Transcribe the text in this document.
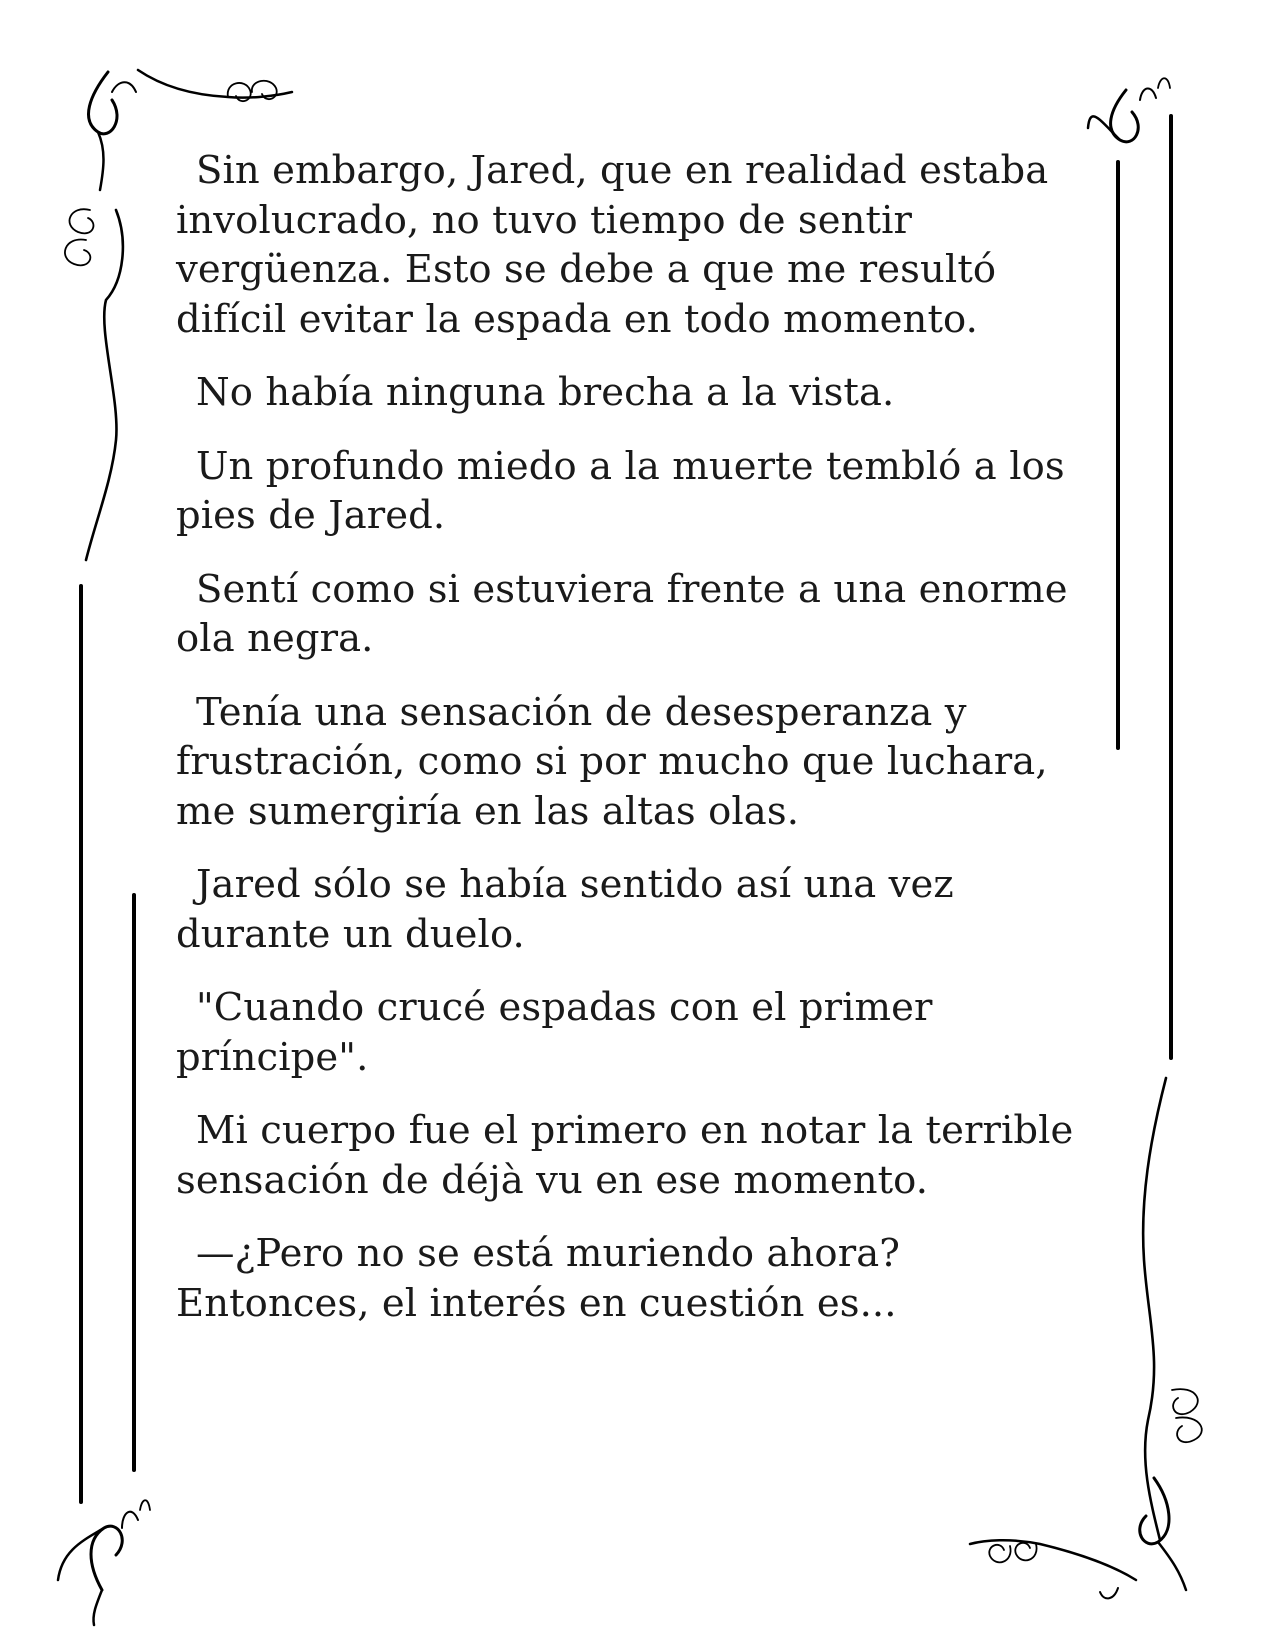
Sin embargo, Jared, que en realidad estaba
involucrado, no tuvo tiempo de sentir
vergüenza. Esto se debe a que me resultó
difícil evitar la espada en todo momento.

No había ninguna brecha a la vista.

Un profundo miedo a la muerte tembló a los
pies de Jared.

Sentí como si estuviera frente a una enorme
ola negra.

Tenía una sensación de desesperanza y
frustración, como si por mucho que luchara,
me sumergiría en las altas olas.

Jared sólo se había sentido así una vez
durante un duelo.

"Cuando crucé espadas con el primer
príncipe".

Mi cuerpo fue el primero en notar la terrible
sensación de déjà vu en ese momento.

—¿Pero no se está muriendo ahora?
Entonces, el interés en cuestión es...
